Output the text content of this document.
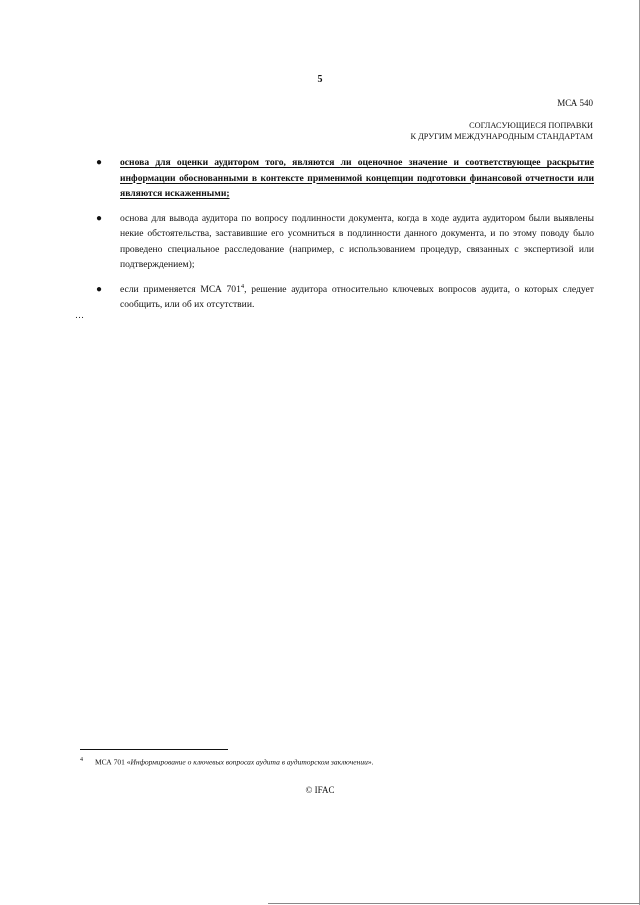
5
МСА 540
СОГЛАСУЮЩИЕСЯ ПОПРАВКИ
К ДРУГИМ МЕЖДУНАРОДНЫМ СТАНДАРТАМ
● основа для оценки аудитором того, являются ли оценочное значение и соответствующее раскрытие информации обоснованными в контексте применимой концепции подготовки финансовой отчетности или являются искаженными;
● основа для вывода аудитора по вопросу подлинности документа, когда в ходе аудита аудитором были выявлены некие обстоятельства, заставившие его усомниться в подлинности данного документа, и по этому поводу было проведено специальное расследование (например, с использованием процедур, связанных с экспертизой или подтверждением);
● если применяется МСА $701^4$, решение аудитора относительно ключевых вопросов аудита, о которых следует сообщить, или об их отсутствии.
…
$^4$ МСА 701 «Информирование о ключевых вопросах аудита в аудиторском заключении».
© IFAC
